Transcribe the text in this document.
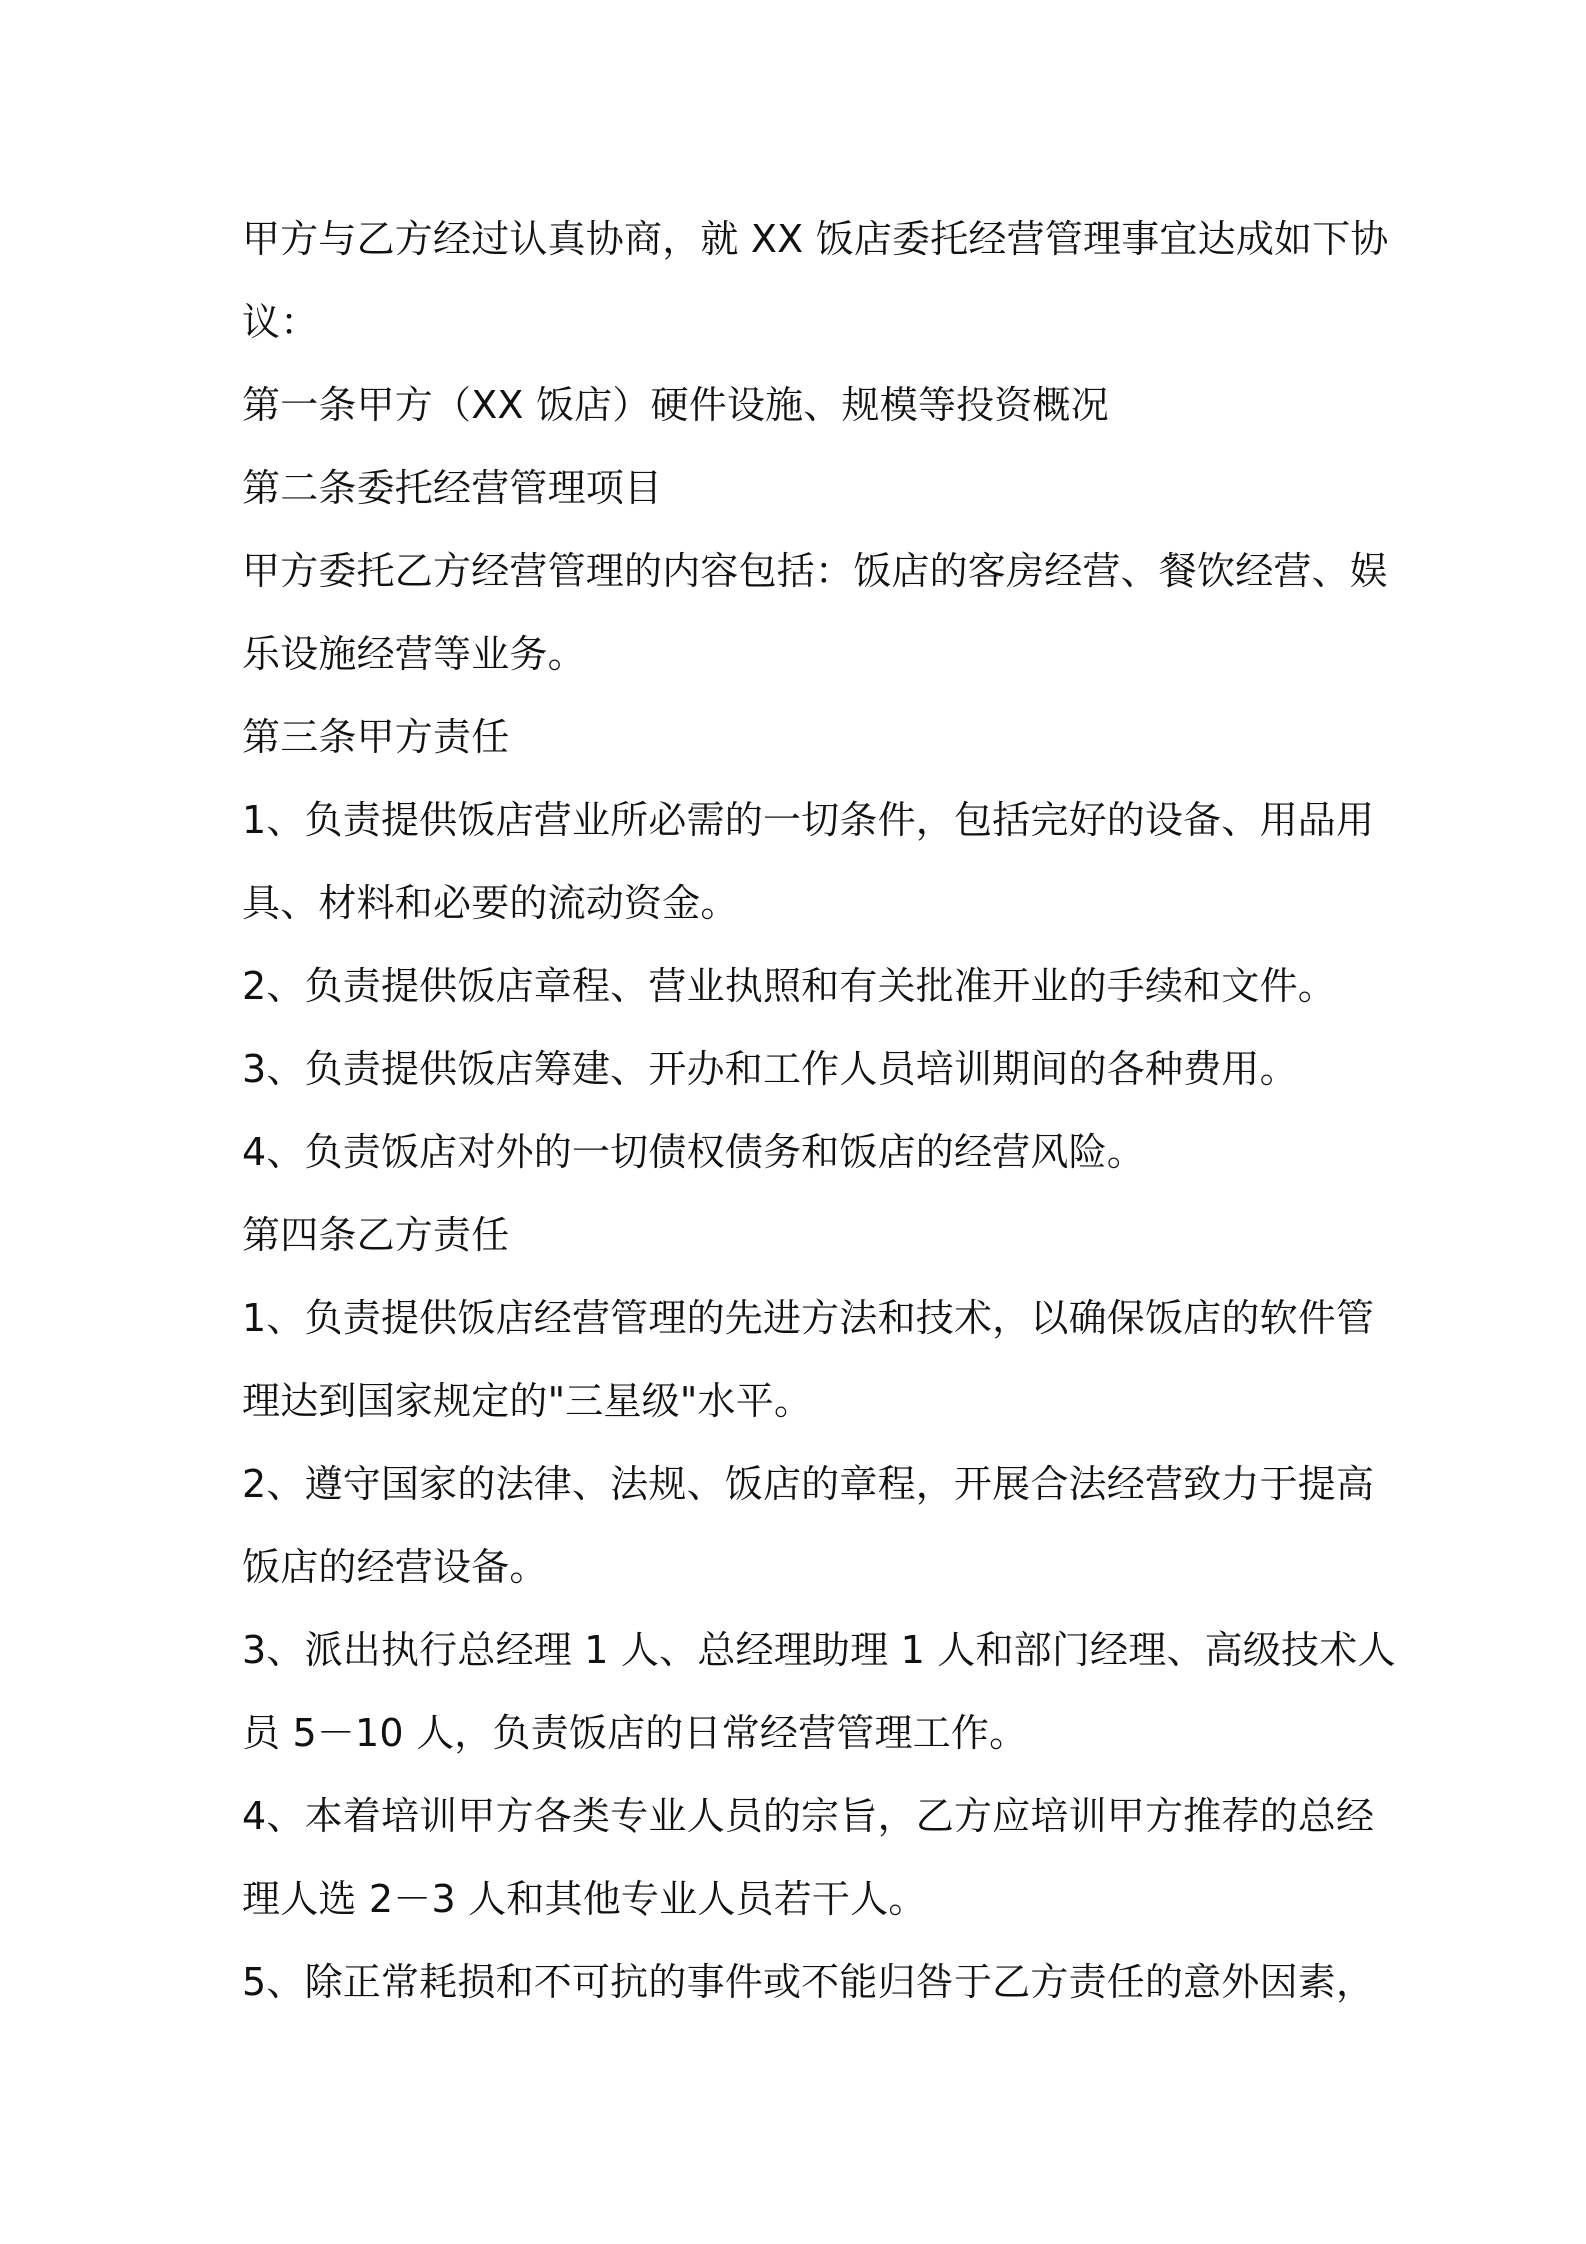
甲方与乙方经过认真协商，就 XX 饭店委托经营管理事宜达成如下协
议：
第一条甲方（XX 饭店）硬件设施、规模等投资概况
第二条委托经营管理项目
甲方委托乙方经营管理的内容包括：饭店的客房经营、餐饮经营、娱
乐设施经营等业务。
第三条甲方责任
1、负责提供饭店营业所必需的一切条件，包括完好的设备、用品用
具、材料和必要的流动资金。
2、负责提供饭店章程、营业执照和有关批准开业的手续和文件。
3、负责提供饭店筹建、开办和工作人员培训期间的各种费用。
4、负责饭店对外的一切债权债务和饭店的经营风险。
第四条乙方责任
1、负责提供饭店经营管理的先进方法和技术，以确保饭店的软件管
理达到国家规定的"三星级"水平。
2、遵守国家的法律、法规、饭店的章程，开展合法经营致力于提高
饭店的经营设备。
3、派出执行总经理 1 人、总经理助理 1 人和部门经理、高级技术人
员 5－10 人，负责饭店的日常经营管理工作。
4、本着培训甲方各类专业人员的宗旨，乙方应培训甲方推荐的总经
理人选 2－3 人和其他专业人员若干人。
5、除正常耗损和不可抗的事件或不能归咎于乙方责任的意外因素，
